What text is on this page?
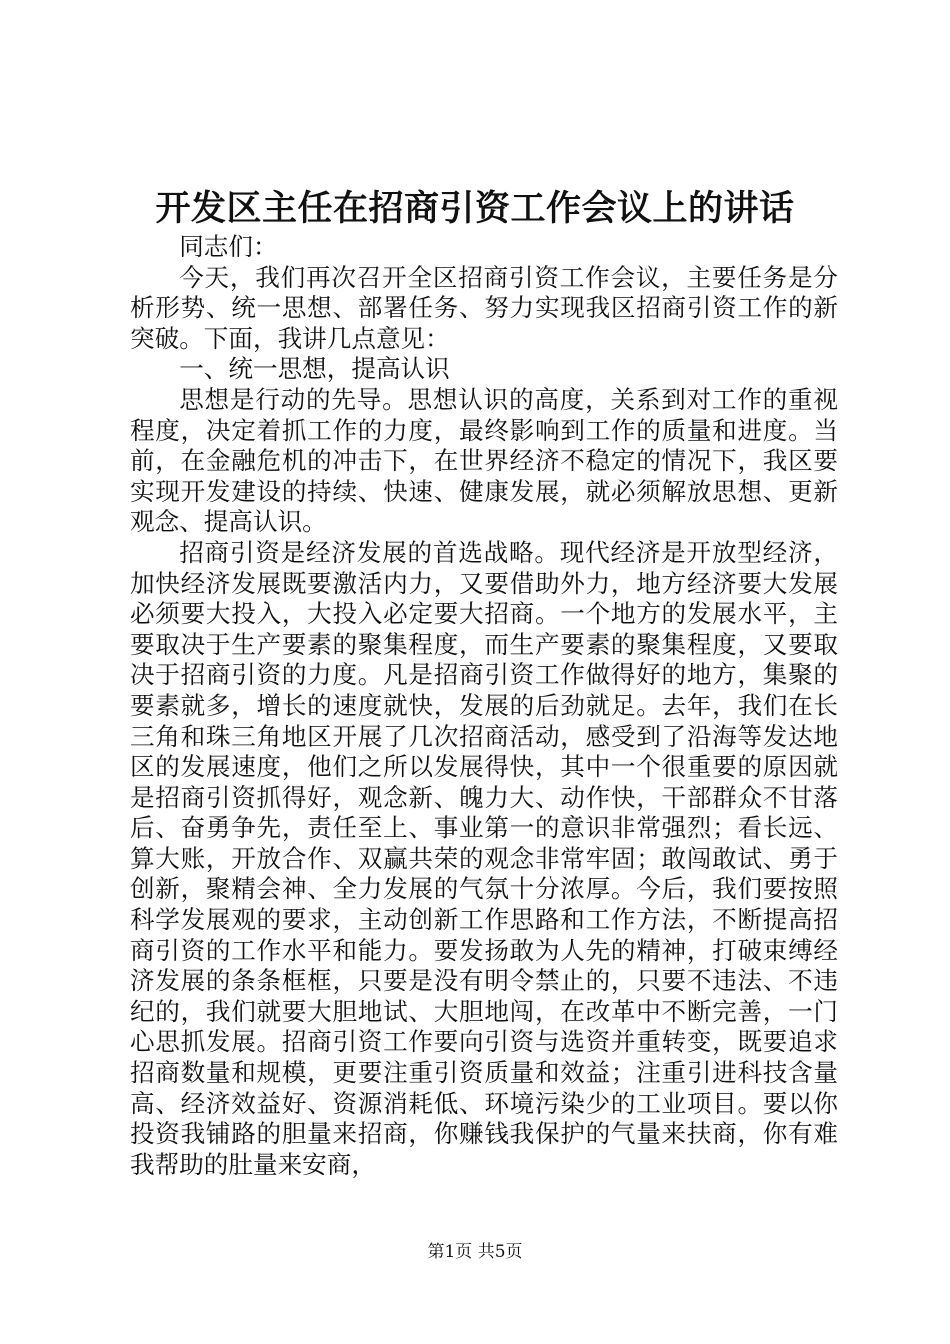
开发区主任在招商引资工作会议上的讲话

同志们：

今天，我们再次召开全区招商引资工作会议，主要任务是分析形势、统一思想、部署任务、努力实现我区招商引资工作的新突破。下面，我讲几点意见：

一、统一思想，提高认识

思想是行动的先导。思想认识的高度，关系到对工作的重视程度，决定着抓工作的力度，最终影响到工作的质量和进度。当前，在金融危机的冲击下，在世界经济不稳定的情况下，我区要实现开发建设的持续、快速、健康发展，就必须解放思想、更新观念、提高认识。

招商引资是经济发展的首选战略。现代经济是开放型经济，加快经济发展既要激活内力，又要借助外力，地方经济要大发展必须要大投入，大投入必定要大招商。一个地方的发展水平，主要取决于生产要素的聚集程度，而生产要素的聚集程度，又要取决于招商引资的力度。凡是招商引资工作做得好的地方，集聚的要素就多，增长的速度就快，发展的后劲就足。去年，我们在长三角和珠三角地区开展了几次招商活动，感受到了沿海等发达地区的发展速度，他们之所以发展得快，其中一个很重要的原因就是招商引资抓得好，观念新、魄力大、动作快，干部群众不甘落后、奋勇争先，责任至上、事业第一的意识非常强烈；看长远、算大账，开放合作、双赢共荣的观念非常牢固；敢闯敢试、勇于创新，聚精会神、全力发展的气氛十分浓厚。今后，我们要按照科学发展观的要求，主动创新工作思路和工作方法，不断提高招商引资的工作水平和能力。要发扬敢为人先的精神，打破束缚经济发展的条条框框，只要是没有明令禁止的，只要不违法、不违纪的，我们就要大胆地试、大胆地闯，在改革中不断完善，一门心思抓发展。招商引资工作要向引资与选资并重转变，既要追求招商数量和规模，更要注重引资质量和效益；注重引进科技含量高、经济效益好、资源消耗低、环境污染少的工业项目。要以你投资我铺路的胆量来招商，你赚钱我保护的气量来扶商，你有难我帮助的肚量来安商，

第1页 共5页
